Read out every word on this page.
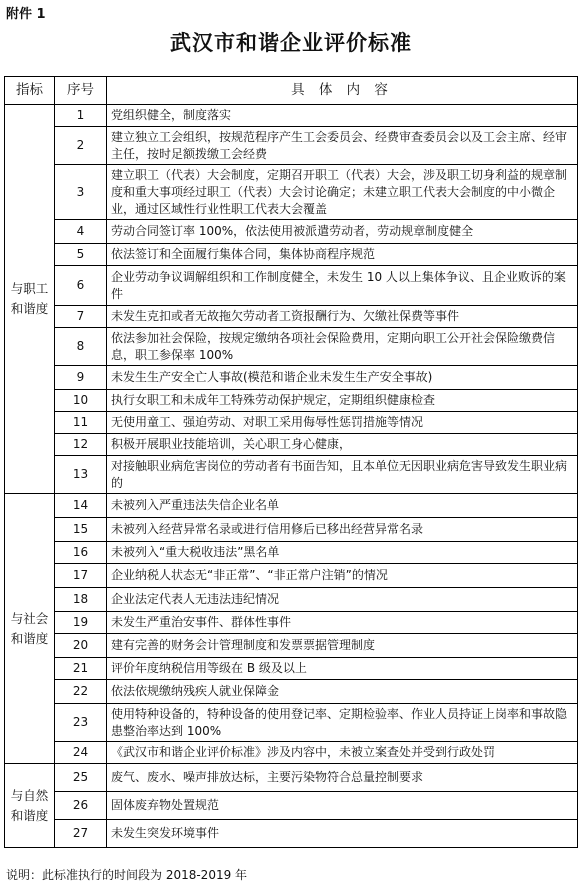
附件 1
武汉市和谐企业评价标准
指标	序号	具 体 内 容
与职工和谐度	1	党组织健全，制度落实
	2	建立独立工会组织，按规范程序产生工会委员会、经费审查委员会以及工会主席、经审主任，按时足额拨缴工会经费
	3	建立职工（代表）大会制度，定期召开职工（代表）大会，涉及职工切身利益的规章制度和重大事项经过职工（代表）大会讨论确定；未建立职工代表大会制度的中小微企业，通过区域性行业性职工代表大会覆盖
	4	劳动合同签订率 100%，依法使用被派遣劳动者，劳动规章制度健全
	5	依法签订和全面履行集体合同，集体协商程序规范
	6	企业劳动争议调解组织和工作制度健全，未发生 10 人以上集体争议、且企业败诉的案件
	7	未发生克扣或者无故拖欠劳动者工资报酬行为、欠缴社保费等事件
	8	依法参加社会保险，按规定缴纳各项社会保险费用，定期向职工公开社会保险缴费信息，职工参保率 100%
	9	未发生生产安全亡人事故(模范和谐企业未发生生产安全事故)
	10	执行女职工和未成年工特殊劳动保护规定，定期组织健康检查
	11	无使用童工、强迫劳动、对职工采用侮辱性惩罚措施等情况
	12	积极开展职业技能培训，关心职工身心健康，
	13	对接触职业病危害岗位的劳动者有书面告知，且本单位无因职业病危害导致发生职业病的
与社会和谐度	14	未被列入严重违法失信企业名单
	15	未被列入经营异常名录或进行信用修后已移出经营异常名录
	16	未被列入“重大税收违法”黑名单
	17	企业纳税人状态无“非正常”、“非正常户注销”的情况
	18	企业法定代表人无违法违纪情况
	19	未发生严重治安事件、群体性事件
	20	建有完善的财务会计管理制度和发票票据管理制度
	21	评价年度纳税信用等级在 B 级及以上
	22	依法依规缴纳残疾人就业保障金
	23	使用特种设备的，特种设备的使用登记率、定期检验率、作业人员持证上岗率和事故隐患整治率达到 100%
	24	《武汉市和谐企业评价标准》涉及内容中，未被立案查处并受到行政处罚
与自然和谐度	25	废气、废水、噪声排放达标，主要污染物符合总量控制要求
	26	固体废弃物处置规范
	27	未发生突发环境事件
说明：此标准执行的时间段为 2018-2019 年
